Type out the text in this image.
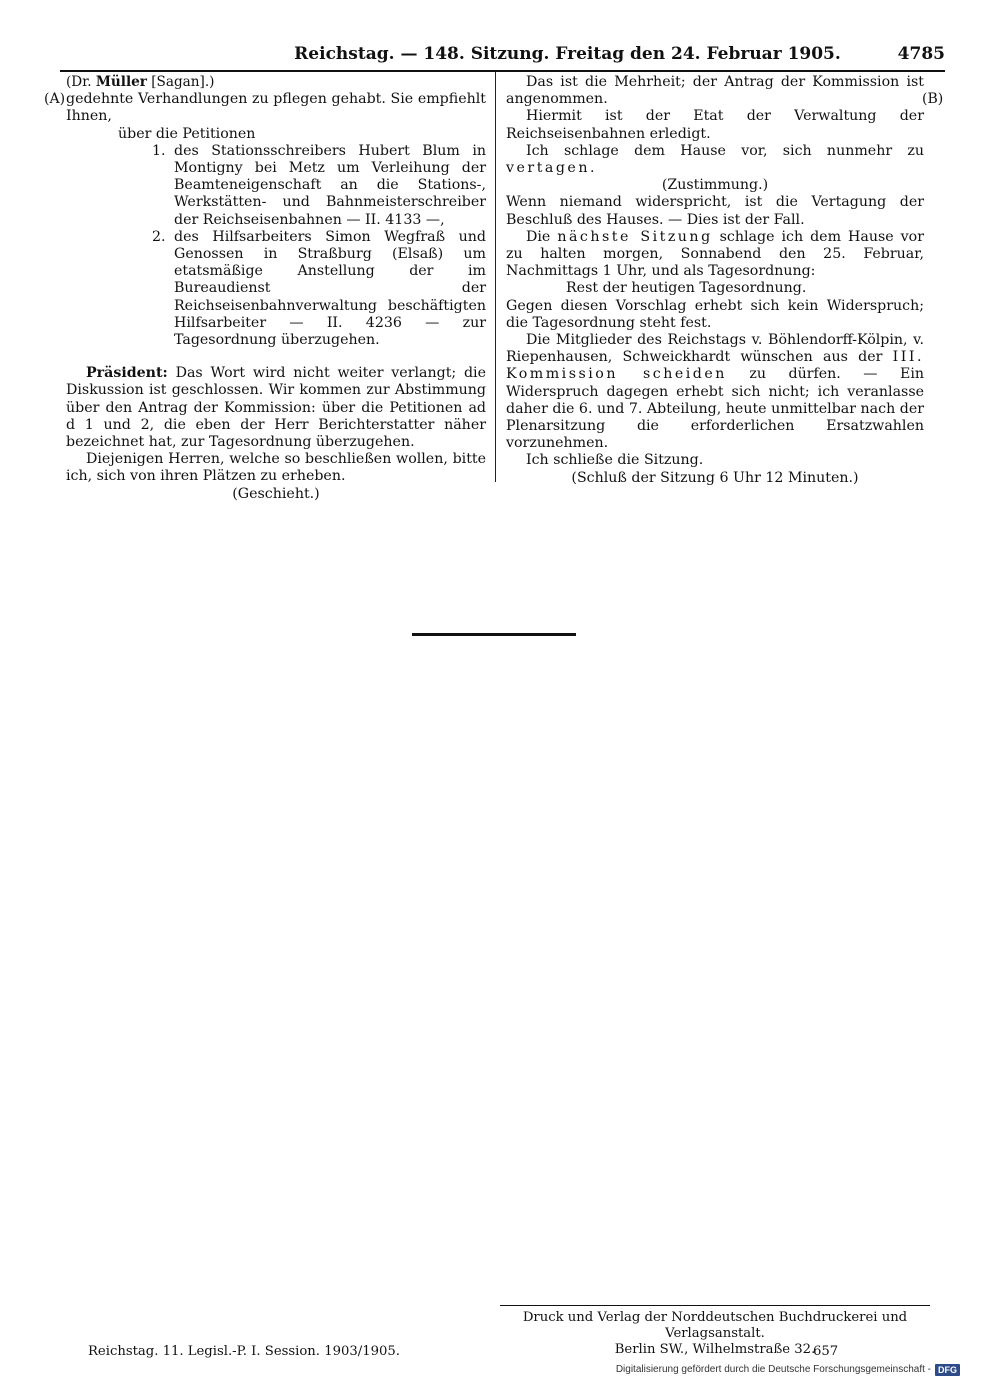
Reichstag. — 148. Sitzung. Freitag den 24. Februar 1905.	4785
(A)	(B)

(Dr. Müller [Sagan].)

gedehnte Verhandlungen zu pflegen gehabt. Sie empfiehlt Ihnen,

über die Petitionen

1. des Stationsschreibers Hubert Blum in Montigny bei Metz um Verleihung der Beamteneigenschaft an die Stations-, Werkstätten- und Bahnmeisterschreiber der Reichseisenbahnen — II. 4133 —,
2. des Hilfsarbeiters Simon Wegfraß und Genossen in Straßburg (Elsaß) um etatsmäßige Anstellung der im Bureaudienst der Reichseisenbahnverwaltung beschäftigten Hilfsarbeiter — II. 4236 — zur Tagesordnung überzugehen.

Präsident: Das Wort wird nicht weiter verlangt; die Diskussion ist geschlossen. Wir kommen zur Abstimmung über den Antrag der Kommission: über die Petitionen ad d 1 und 2, die eben der Herr Berichterstatter näher bezeichnet hat, zur Tagesordnung überzugehen.

Diejenigen Herren, welche so beschließen wollen, bitte ich, sich von ihren Plätzen zu erheben.

(Geschieht.)

Das ist die Mehrheit; der Antrag der Kommission ist angenommen.

Hiermit ist der Etat der Verwaltung der Reichseisenbahnen erledigt.

Ich schlage dem Hause vor, sich nunmehr zu vertagen.

(Zustimmung.)

Wenn niemand widerspricht, ist die Vertagung der Beschluß des Hauses. — Dies ist der Fall.

Die nächste Sitzung schlage ich dem Hause vor zu halten morgen, Sonnabend den 25. Februar, Nachmittags 1 Uhr, und als Tagesordnung:

Rest der heutigen Tagesordnung.

Gegen diesen Vorschlag erhebt sich kein Widerspruch; die Tagesordnung steht fest.

Die Mitglieder des Reichstags v. Böhlendorff-Kölpin, v. Riepenhausen, Schweickhardt wünschen aus der III. Kommission scheiden zu dürfen. — Ein Widerspruch dagegen erhebt sich nicht; ich veranlasse daher die 6. und 7. Abteilung, heute unmittelbar nach der Plenarsitzung die erforderlichen Ersatzwahlen vorzunehmen.

Ich schließe die Sitzung.

(Schluß der Sitzung 6 Uhr 12 Minuten.)

Druck und Verlag der Norddeutschen Buchdruckerei und Verlagsanstalt.
Berlin SW., Wilhelmstraße 32.
Reichstag. 11. Legisl.-P. I. Session. 1903/1905.	657
Digitalisierung gefördert durch die Deutsche Forschungsgemeinschaft - DFG
